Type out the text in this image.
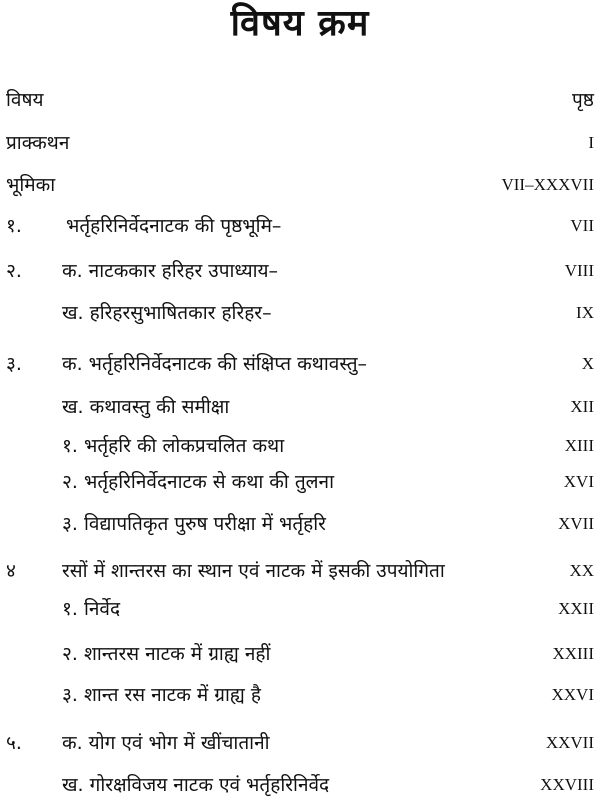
विषय क्रम
विषय	पृष्ठ
प्राक्कथन	I
भूमिका	VII–XXXVII
१. भर्तृहरिनिर्वेदनाटक की पृष्ठभूमि–	VII
२. क. नाटककार हरिहर उपाध्याय–	VIII
ख. हरिहरसुभाषितकार हरिहर–	IX
३. क. भर्तृहरिनिर्वेदनाटक की संक्षिप्त कथावस्तु–	X
ख. कथावस्तु की समीक्षा	XII
१. भर्तृहरि की लोकप्रचलित कथा	XIII
२. भर्तृहरिनिर्वेदनाटक से कथा की तुलना	XVI
३. विद्यापतिकृत पुरुष परीक्षा में भर्तृहरि	XVII
४ रसों में शान्तरस का स्थान एवं नाटक में इसकी उपयोगिता	XX
१. निर्वेद	XXII
२. शान्तरस नाटक में ग्राह्य नहीं	XXIII
३. शान्त रस नाटक में ग्राह्य है	XXVI
५. क. योग एवं भोग में खींचातानी	XXVII
ख. गोरक्षविजय नाटक एवं भर्तृहरिनिर्वेद	XXVIII
